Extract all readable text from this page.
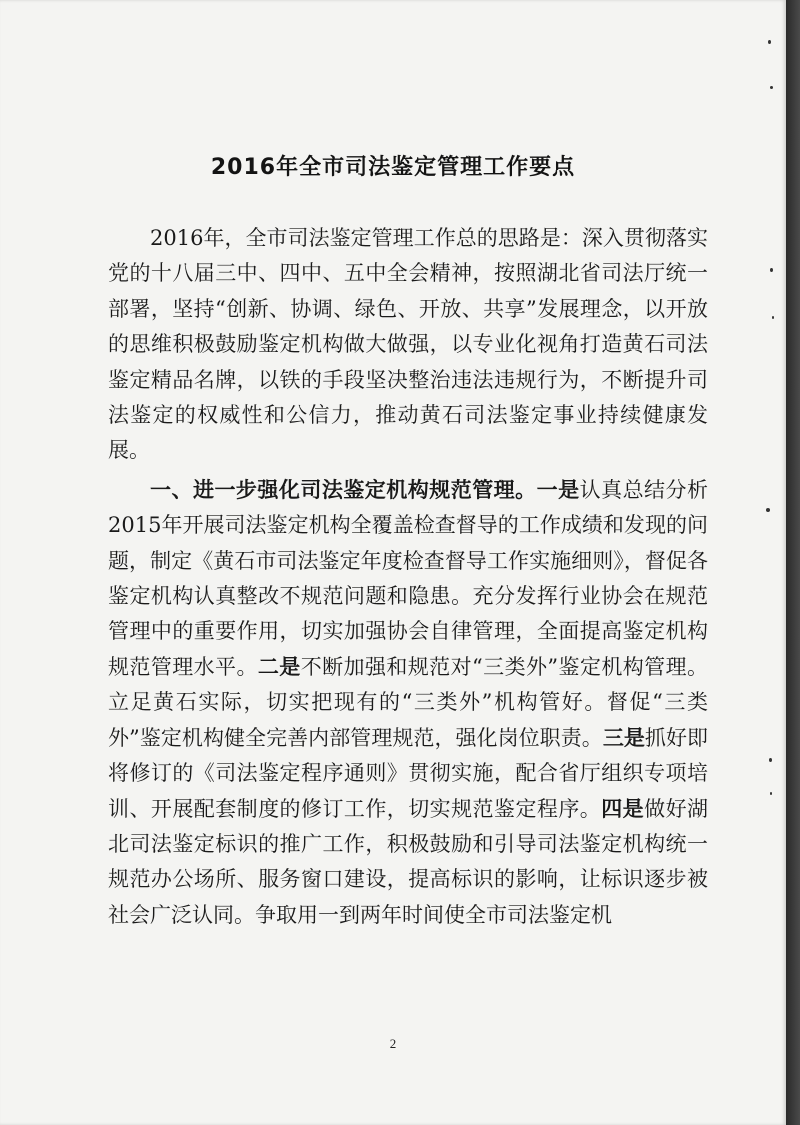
2016年全市司法鉴定管理工作要点

2016年，全市司法鉴定管理工作总的思路是：深入贯彻落实党的十八届三中、四中、五中全会精神，按照湖北省司法厅统一部署，坚持“创新、协调、绿色、开放、共享”发展理念，以开放的思维积极鼓励鉴定机构做大做强，以专业化视角打造黄石司法鉴定精品名牌，以铁的手段坚决整治违法违规行为，不断提升司法鉴定的权威性和公信力，推动黄石司法鉴定事业持续健康发展。

一、进一步强化司法鉴定机构规范管理。一是认真总结分析2015年开展司法鉴定机构全覆盖检查督导的工作成绩和发现的问题，制定《黄石市司法鉴定年度检查督导工作实施细则》，督促各鉴定机构认真整改不规范问题和隐患。充分发挥行业协会在规范管理中的重要作用，切实加强协会自律管理，全面提高鉴定机构规范管理水平。二是不断加强和规范对“三类外”鉴定机构管理。立足黄石实际，切实把现有的“三类外”机构管好。督促“三类外”鉴定机构健全完善内部管理规范，强化岗位职责。三是抓好即将修订的《司法鉴定程序通则》贯彻实施，配合省厅组织专项培训、开展配套制度的修订工作，切实规范鉴定程序。四是做好湖北司法鉴定标识的推广工作，积极鼓励和引导司法鉴定机构统一规范办公场所、服务窗口建设，提高标识的影响，让标识逐步被社会广泛认同。争取用一到两年时间使全市司法鉴定机

2
